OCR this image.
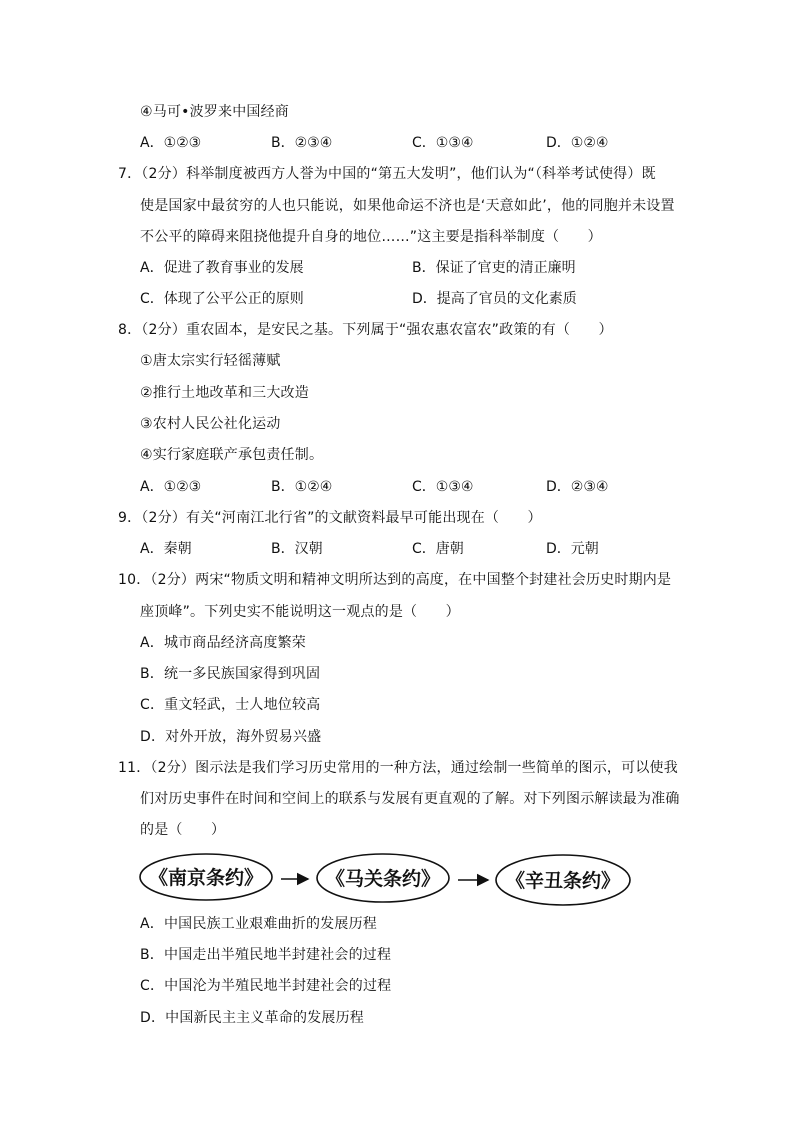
④马可•波罗来中国经商
A．①②③	B．②③④	C．①③④	D．①②④
7．（2分）科举制度被西方人誉为中国的“第五大发明”，他们认为“（科举考试使得）既
使是国家中最贫穷的人也只能说，如果他命运不济也是‘天意如此’，他的同胞并未设置
不公平的障碍来阻挠他提升自身的地位……”这主要是指科举制度（　　）
A．促进了教育事业的发展	B．保证了官吏的清正廉明
C．体现了公平公正的原则	D．提高了官员的文化素质
8．（2分）重农固本，是安民之基。下列属于“强农惠农富农”政策的有（　　）
①唐太宗实行轻徭薄赋
②推行土地改革和三大改造
③农村人民公社化运动
④实行家庭联产承包责任制。
A．①②③	B．①②④	C．①③④	D．②③④
9．（2分）有关“河南江北行省”的文献资料最早可能出现在（　　）
A．秦朝	B．汉朝	C．唐朝	D．元朝
10．（2分）两宋“物质文明和精神文明所达到的高度，在中国整个封建社会历史时期内是
座顶峰”。下列史实不能说明这一观点的是（　　）
A．城市商品经济高度繁荣
B．统一多民族国家得到巩固
C．重文轻武，士人地位较高
D．对外开放，海外贸易兴盛
11．（2分）图示法是我们学习历史常用的一种方法，通过绘制一些简单的图示，可以使我
们对历史事件在时间和空间上的联系与发展有更直观的了解。对下列图示解读最为准确
的是（　　）
《南京条约》	《马关条约》	《辛丑条约》
A．中国民族工业艰难曲折的发展历程
B．中国走出半殖民地半封建社会的过程
C．中国沦为半殖民地半封建社会的过程
D．中国新民主主义革命的发展历程
